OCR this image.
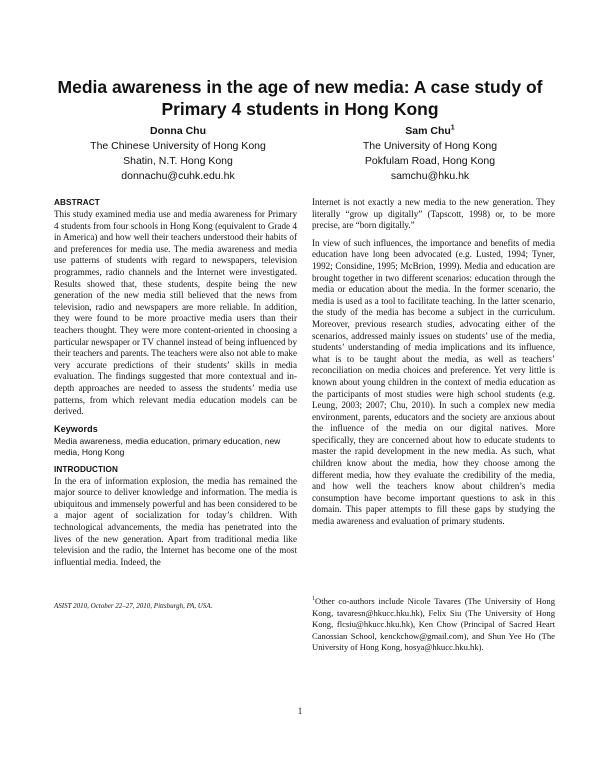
Media awareness in the age of new media: A case study of Primary 4 students in Hong Kong
Donna Chu
The Chinese University of Hong Kong
Shatin, N.T. Hong Kong
donnachu@cuhk.edu.hk
Sam Chu$^1$
The University of Hong Kong
Pokfulam Road, Hong Kong
samchu@hku.hk
ABSTRACT

This study examined media use and media awareness for Primary 4 students from four schools in Hong Kong (equivalent to Grade 4 in America) and how well their teachers understood their habits of and preferences for media use. The media awareness and media use patterns of students with regard to newspapers, television programmes, radio channels and the Internet were investigated. Results showed that, these students, despite being the new generation of the new media still believed that the news from television, radio and newspapers are more reliable. In addition, they were found to be more proactive media users than their teachers thought. They were more content-oriented in choosing a particular newspaper or TV channel instead of being influenced by their teachers and parents. The teachers were also not able to make very accurate predictions of their students’ skills in media evaluation. The findings suggested that more contextual and in-depth approaches are needed to assess the students’ media use patterns, from which relevant media education models can be derived.

Keywords

Media awareness, media education, primary education, new media, Hong Kong

INTRODUCTION

In the era of information explosion, the media has remained the major source to deliver knowledge and information. The media is ubiquitous and immensely powerful and has been considered to be a major agent of socialization for today’s children. With technological advancements, the media has penetrated into the lives of the new generation. Apart from traditional media like television and the radio, the Internet has become one of the most influential media. Indeed, the

ASIST 2010, October 22–27, 2010, Pittsburgh, PA, USA.

Internet is not exactly a new media to the new generation. They literally “grow up digitally” (Tapscott, 1998) or, to be more precise, are “born digitally.”

In view of such influences, the importance and benefits of media education have long been advocated (e.g. Lusted, 1994; Tyner, 1992; Considine, 1995; McBrion, 1999). Media and education are brought together in two different scenarios: education through the media or education about the media. In the former scenario, the media is used as a tool to facilitate teaching. In the latter scenario, the study of the media has become a subject in the curriculum. Moreover, previous research studies, advocating either of the scenarios, addressed mainly issues on students’ use of the media, students’ understanding of media implications and its influence, what is to be taught about the media, as well as teachers’ reconciliation on media choices and preference. Yet very little is known about young children in the context of media education as the participants of most studies were high school students (e.g. Leung, 2003; 2007; Chu, 2010). In such a complex new media environment, parents, educators and the society are anxious about the influence of the media on our digital natives. More specifically, they are concerned about how to educate students to master the rapid development in the new media. As such, what children know about the media, how they choose among the different media, how they evaluate the credibility of the media, and how well the teachers know about children’s media consumption have become important questions to ask in this domain. This paper attempts to fill these gaps by studying the media awareness and evaluation of primary students.

$^1$Other co-authors include Nicole Tavares (The University of Hong Kong, tavaresn@hkucc.hku.hk), Felix Siu (The University of Hong Kong, flcsiu@hkucc.hku.hk), Ken Chow (Principal of Sacred Heart Canossian School, kenckchow@gmail.com), and Shun Yee Ho (The University of Hong Kong, hosya@hkucc.hku.hk).
1
